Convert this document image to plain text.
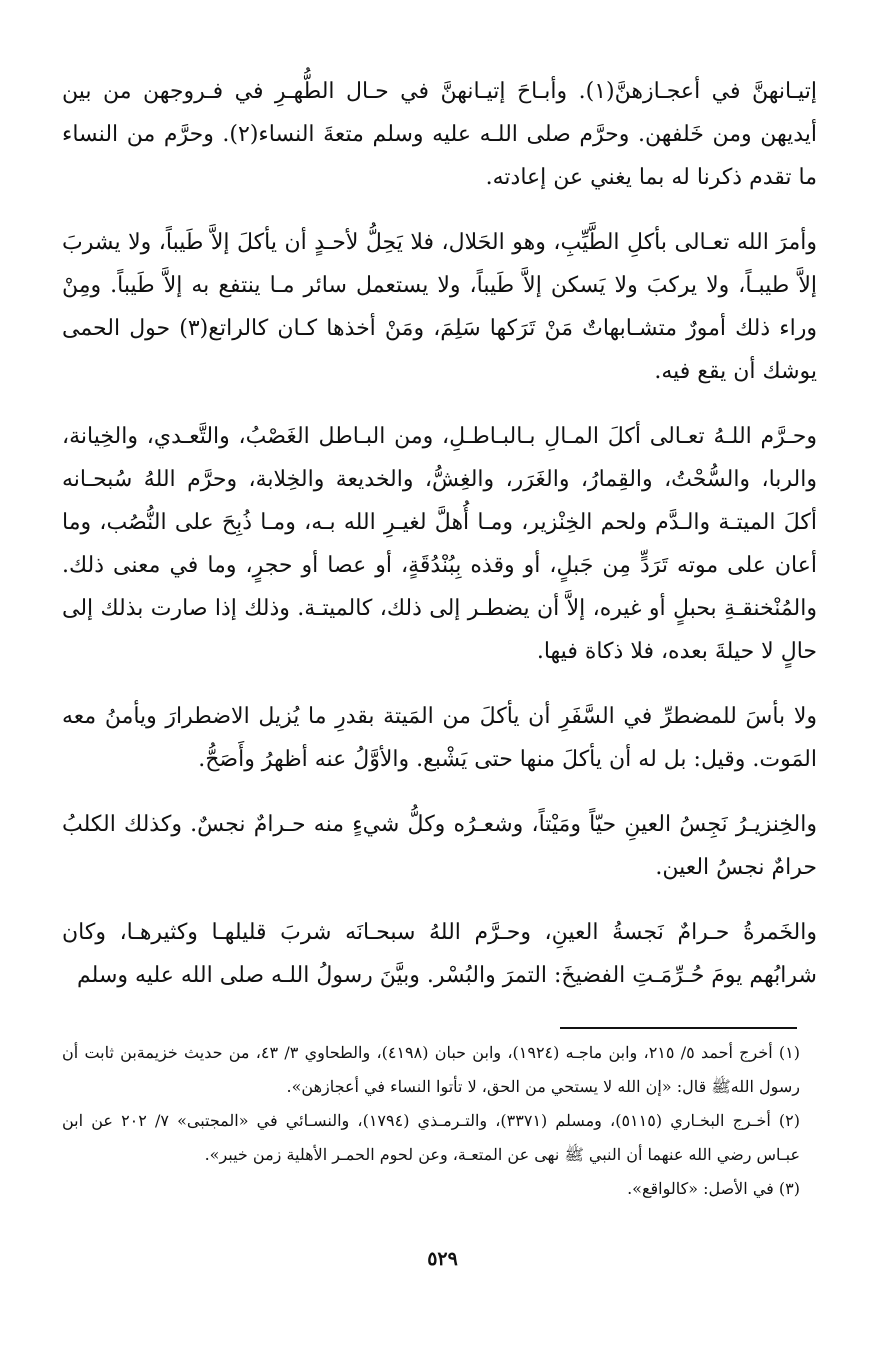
إتيـانهنَّ في أعجـازهنَّ(١). وأبـاحَ إتيـانهنَّ في حـال الطُّهـرِ في فـروجهن من بين أيديهن ومن خَلفهن. وحرَّم صلى اللـه عليه وسلم متعةَ النساء(٢). وحرَّم من النساء ما تقدم ذكرنا له بما يغني عن إعادته.

وأمرَ الله تعـالى بأكلِ الطَّيِّبِ، وهو الحَلال، فلا يَحِلُّ لأحـدٍ أن يأكلَ إلاَّ طَيباً، ولا يشربَ إلاَّ طيبـاً، ولا يركبَ ولا يَسكن إلاَّ طَيباً، ولا يستعمل سائر مـا ينتفع به إلاَّ طَيباً. ومِنْ وراء ذلك أمورٌ متشـابهاتٌ مَنْ تَرَكها سَلِمَ، ومَنْ أخذها كـان كالراتع(٣) حول الحمى يوشك أن يقع فيه.

وحـرَّم اللـهُ تعـالى أكلَ المـالِ بـالبـاطـلِ، ومن البـاطل الغَصْبُ، والتَّعـدي، والخِيانة، والربا، والسُّحْتُ، والقِمارُ، والغَرَر، والغِشُّ، والخديعة والخِلابة، وحرَّم اللهُ سُبحـانه أكلَ الميتـة والـدَّم ولحم الخِنْزير، ومـا أُهلَّ لغيـرِ الله بـه، ومـا ذُبِحَ على النُّصُب، وما أعان على موته تَرَدٍّ مِن جَبلٍ، أو وقذه بِبُنْدُقَةٍ، أو عصا أو حجرٍ، وما في معنى ذلك. والمُنْخنقـةِ بحبلٍ أو غيره، إلاَّ أن يضطـر إلى ذلك، كالميتـة. وذلك إذا صارت بذلك إلى حالٍ لا حيلةَ بعده، فلا ذكاة فيها.

ولا بأسَ للمضطرِّ في السَّفَرِ أن يأكلَ من المَيتة بقدرِ ما يُزيل الاضطرارَ ويأمنُ معه المَوت. وقيل: بل له أن يأكلَ منها حتى يَشْبع. والأوَّلُ عنه أظهرُ وأَصَحُّ.

والخِنزيـرُ نَجِسُ العينِ حيّاً ومَيْتاً، وشعـرُه وكلُّ شيءٍ منه حـرامٌ نجسٌ. وكذلك الكلبُ حرامٌ نجسُ العين.

والخَمرةُ حـرامٌ نَجسةُ العينِ، وحـرَّم اللهُ سبحـانَه شربَ قليلهـا وكثيرهـا، وكان شرابُهم يومَ حُـرِّمَـتِ الفضيخَ: التمرَ والبُسْر. وبيَّنَ رسولُ اللـه صلى الله عليه وسلم

(١) أخرج أحمد ٥/ ٢١٥، وابن ماجـه (١٩٢٤)، وابن حبان (٤١٩٨)، والطحاوي ٣/ ٤٣، من حديث خزيمةبن ثابت أن رسول اللهﷺ قال: «إن الله لا يستحي من الحق، لا تأتوا النساء في أعجازهن».

(٢) أخـرج البخـاري (٥١١٥)، ومسلم (٣٣٧١)، والتـرمـذي (١٧٩٤)، والنسـائي في «المجتبى» ٧/ ٢٠٢ عن ابن عبـاس رضي الله عنهما أن النبي ﷺ نهى عن المتعـة، وعن لحوم الحمـر الأهلية زمن خيبر».

(٣) في الأصل: «كالواقع».

٥٢٩
